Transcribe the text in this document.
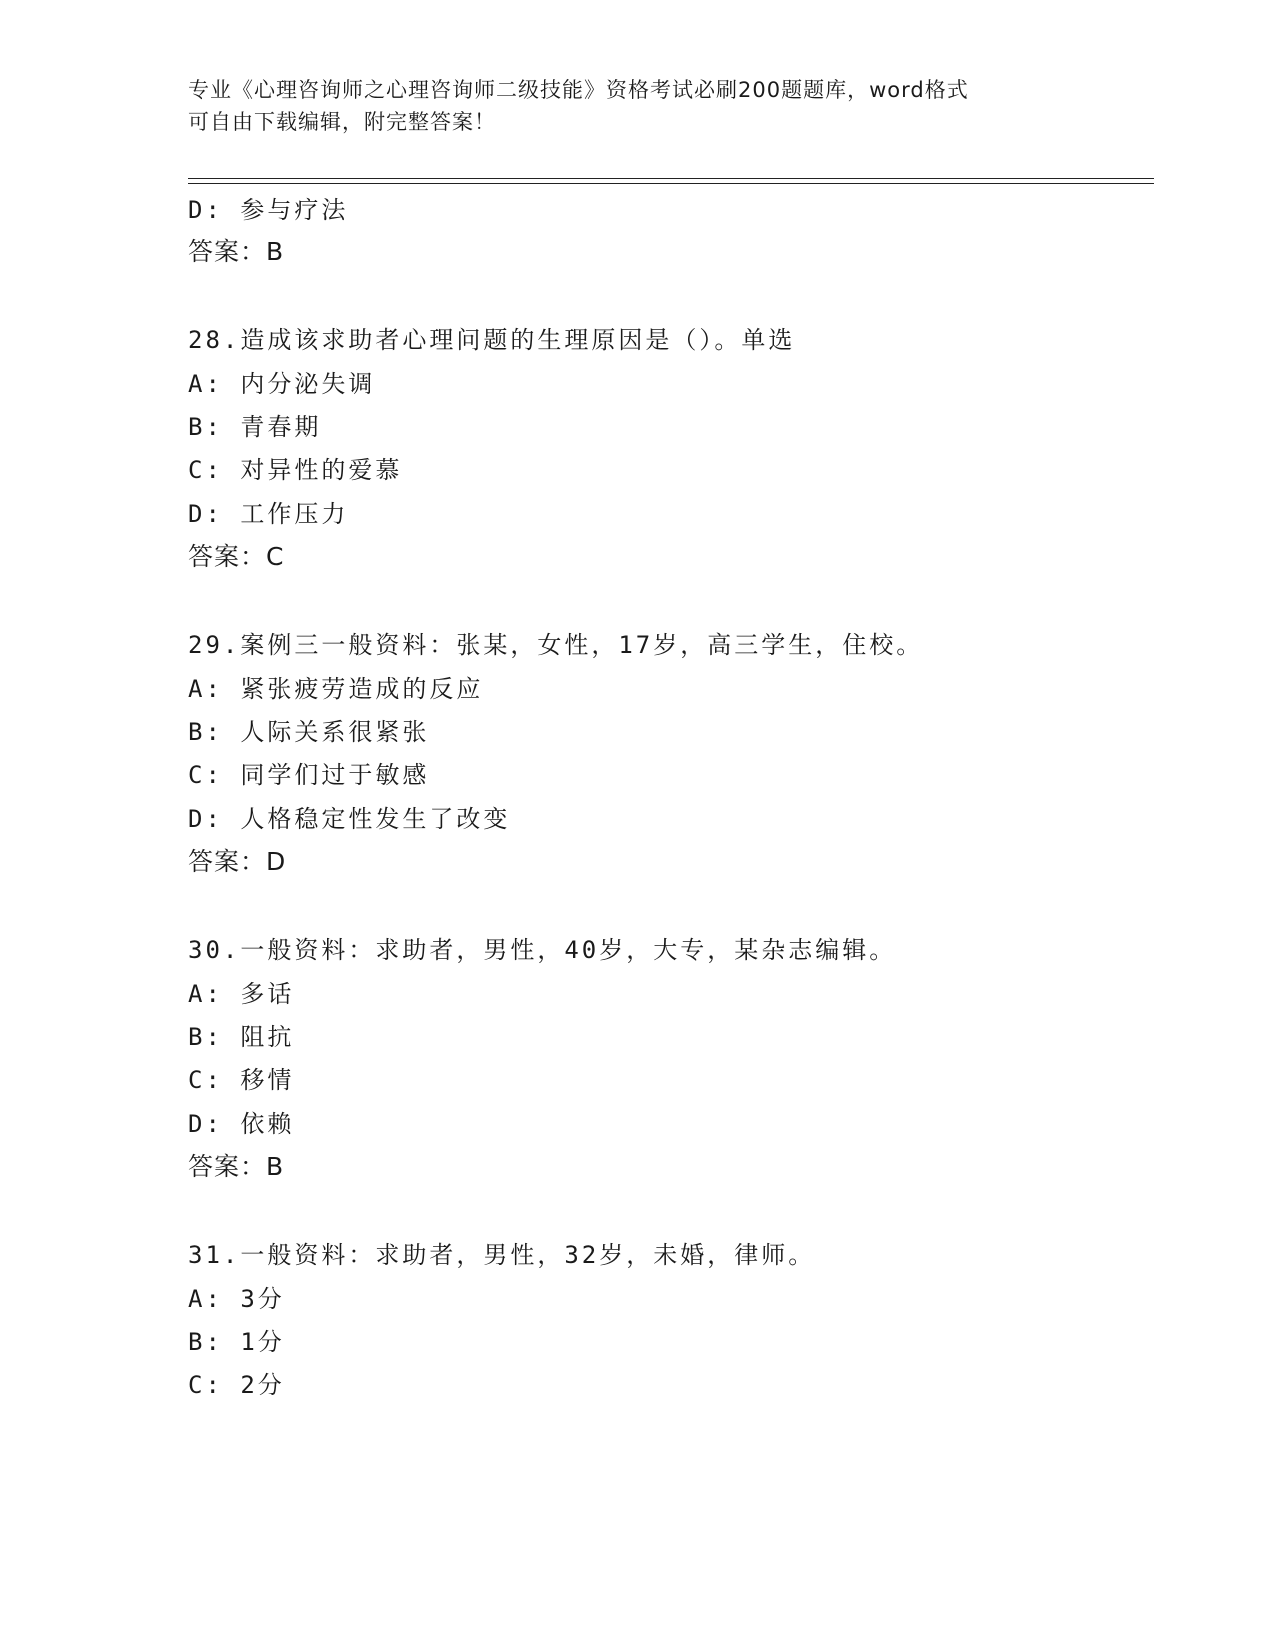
专业《心理咨询师之心理咨询师二级技能》资格考试必刷200题题库，word格式
可自由下载编辑，附完整答案！
D: 参与疗法
答案：B
28.造成该求助者心理问题的生理原因是（）。单选
A: 内分泌失调
B: 青春期
C: 对异性的爱慕
D: 工作压力
答案：C
29.案例三一般资料：张某，女性，17岁，高三学生，住校。
A: 紧张疲劳造成的反应
B: 人际关系很紧张
C: 同学们过于敏感
D: 人格稳定性发生了改变
答案：D
30.一般资料：求助者，男性，40岁，大专，某杂志编辑。
A: 多话
B: 阻抗
C: 移情
D: 依赖
答案：B
31.一般资料：求助者，男性，32岁，未婚，律师。
A: 3分
B: 1分
C: 2分
